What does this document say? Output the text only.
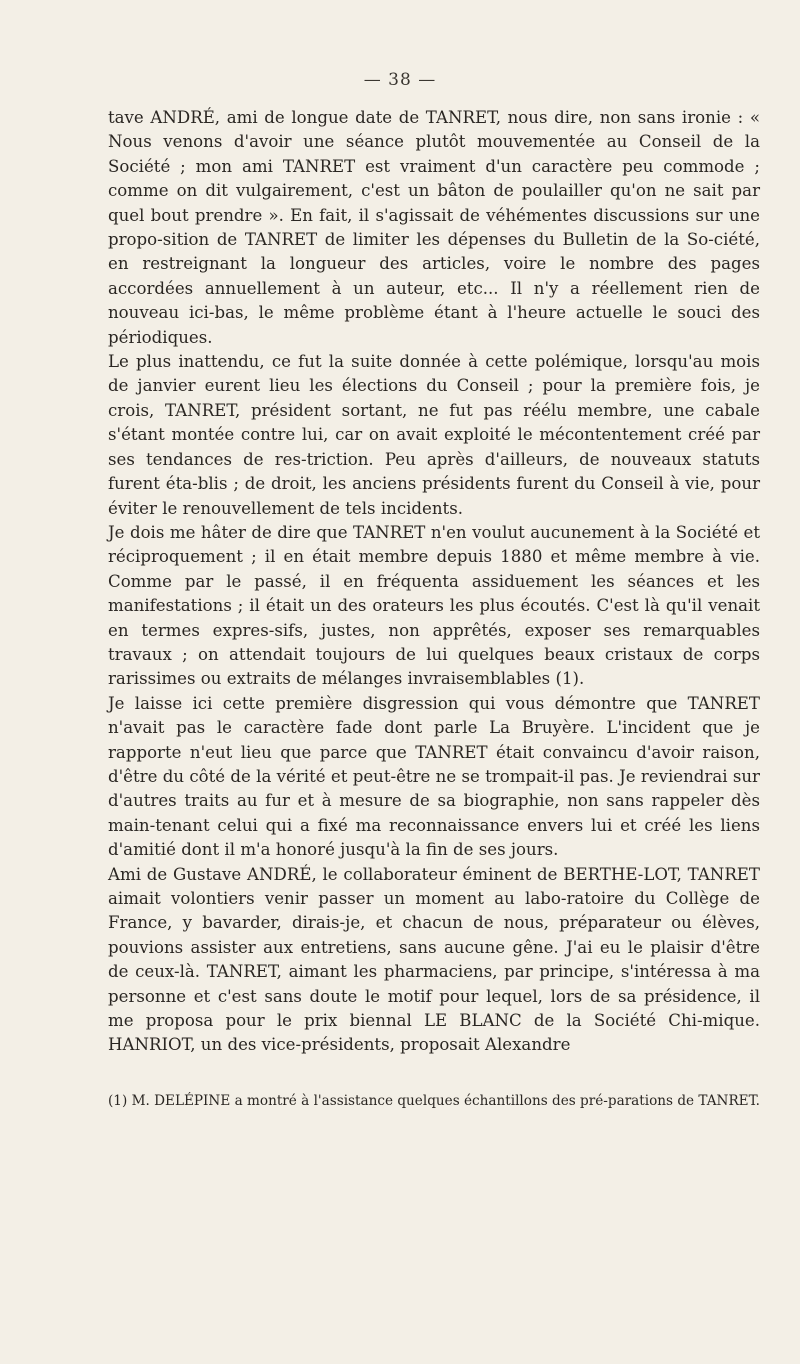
— 38 —

tave ANDRÉ, ami de longue date de TANRET, nous dire, non sans ironie : « Nous venons d'avoir une séance plutôt mouvementée au Conseil de la Société ; mon ami TANRET est vraiment d'un caractère peu commode ; comme on dit vulgairement, c'est un bâton de poulailler qu'on ne sait par quel bout prendre ». En fait, il s'agissait de véhémentes discussions sur une propo-sition de TANRET de limiter les dépenses du Bulletin de la So-ciété, en restreignant la longueur des articles, voire le nombre des pages accordées annuellement à un auteur, etc... Il n'y a réellement rien de nouveau ici-bas, le même problème étant à l'heure actuelle le souci des périodiques.

Le plus inattendu, ce fut la suite donnée à cette polémique, lorsqu'au mois de janvier eurent lieu les élections du Conseil ; pour la première fois, je crois, TANRET, président sortant, ne fut pas réélu membre, une cabale s'étant montée contre lui, car on avait exploité le mécontentement créé par ses tendances de res-triction. Peu après d'ailleurs, de nouveaux statuts furent éta-blis ; de droit, les anciens présidents furent du Conseil à vie, pour éviter le renouvellement de tels incidents.

Je dois me hâter de dire que TANRET n'en voulut aucunement à la Société et réciproquement ; il en était membre depuis 1880 et même membre à vie. Comme par le passé, il en fréquenta assiduement les séances et les manifestations ; il était un des orateurs les plus écoutés. C'est là qu'il venait en termes expres-sifs, justes, non apprêtés, exposer ses remarquables travaux ; on attendait toujours de lui quelques beaux cristaux de corps rarissimes ou extraits de mélanges invraisemblables (1).

Je laisse ici cette première disgression qui vous démontre que TANRET n'avait pas le caractère fade dont parle La Bruyère. L'incident que je rapporte n'eut lieu que parce que TANRET était convaincu d'avoir raison, d'être du côté de la vérité et peut-être ne se trompait-il pas. Je reviendrai sur d'autres traits au fur et à mesure de sa biographie, non sans rappeler dès main-tenant celui qui a fixé ma reconnaissance envers lui et créé les liens d'amitié dont il m'a honoré jusqu'à la fin de ses jours.

Ami de Gustave ANDRÉ, le collaborateur éminent de BERTHE-LOT, TANRET aimait volontiers venir passer un moment au labo-ratoire du Collège de France, y bavarder, dirais-je, et chacun de nous, préparateur ou élèves, pouvions assister aux entretiens, sans aucune gêne. J'ai eu le plaisir d'être de ceux-là. TANRET, aimant les pharmaciens, par principe, s'intéressa à ma personne et c'est sans doute le motif pour lequel, lors de sa présidence, il me proposa pour le prix biennal LE BLANC de la Société Chi-mique. HANRIOT, un des vice-présidents, proposait Alexandre

(1) M. DELÉPINE a montré à l'assistance quelques échantillons des pré-parations de TANRET.
